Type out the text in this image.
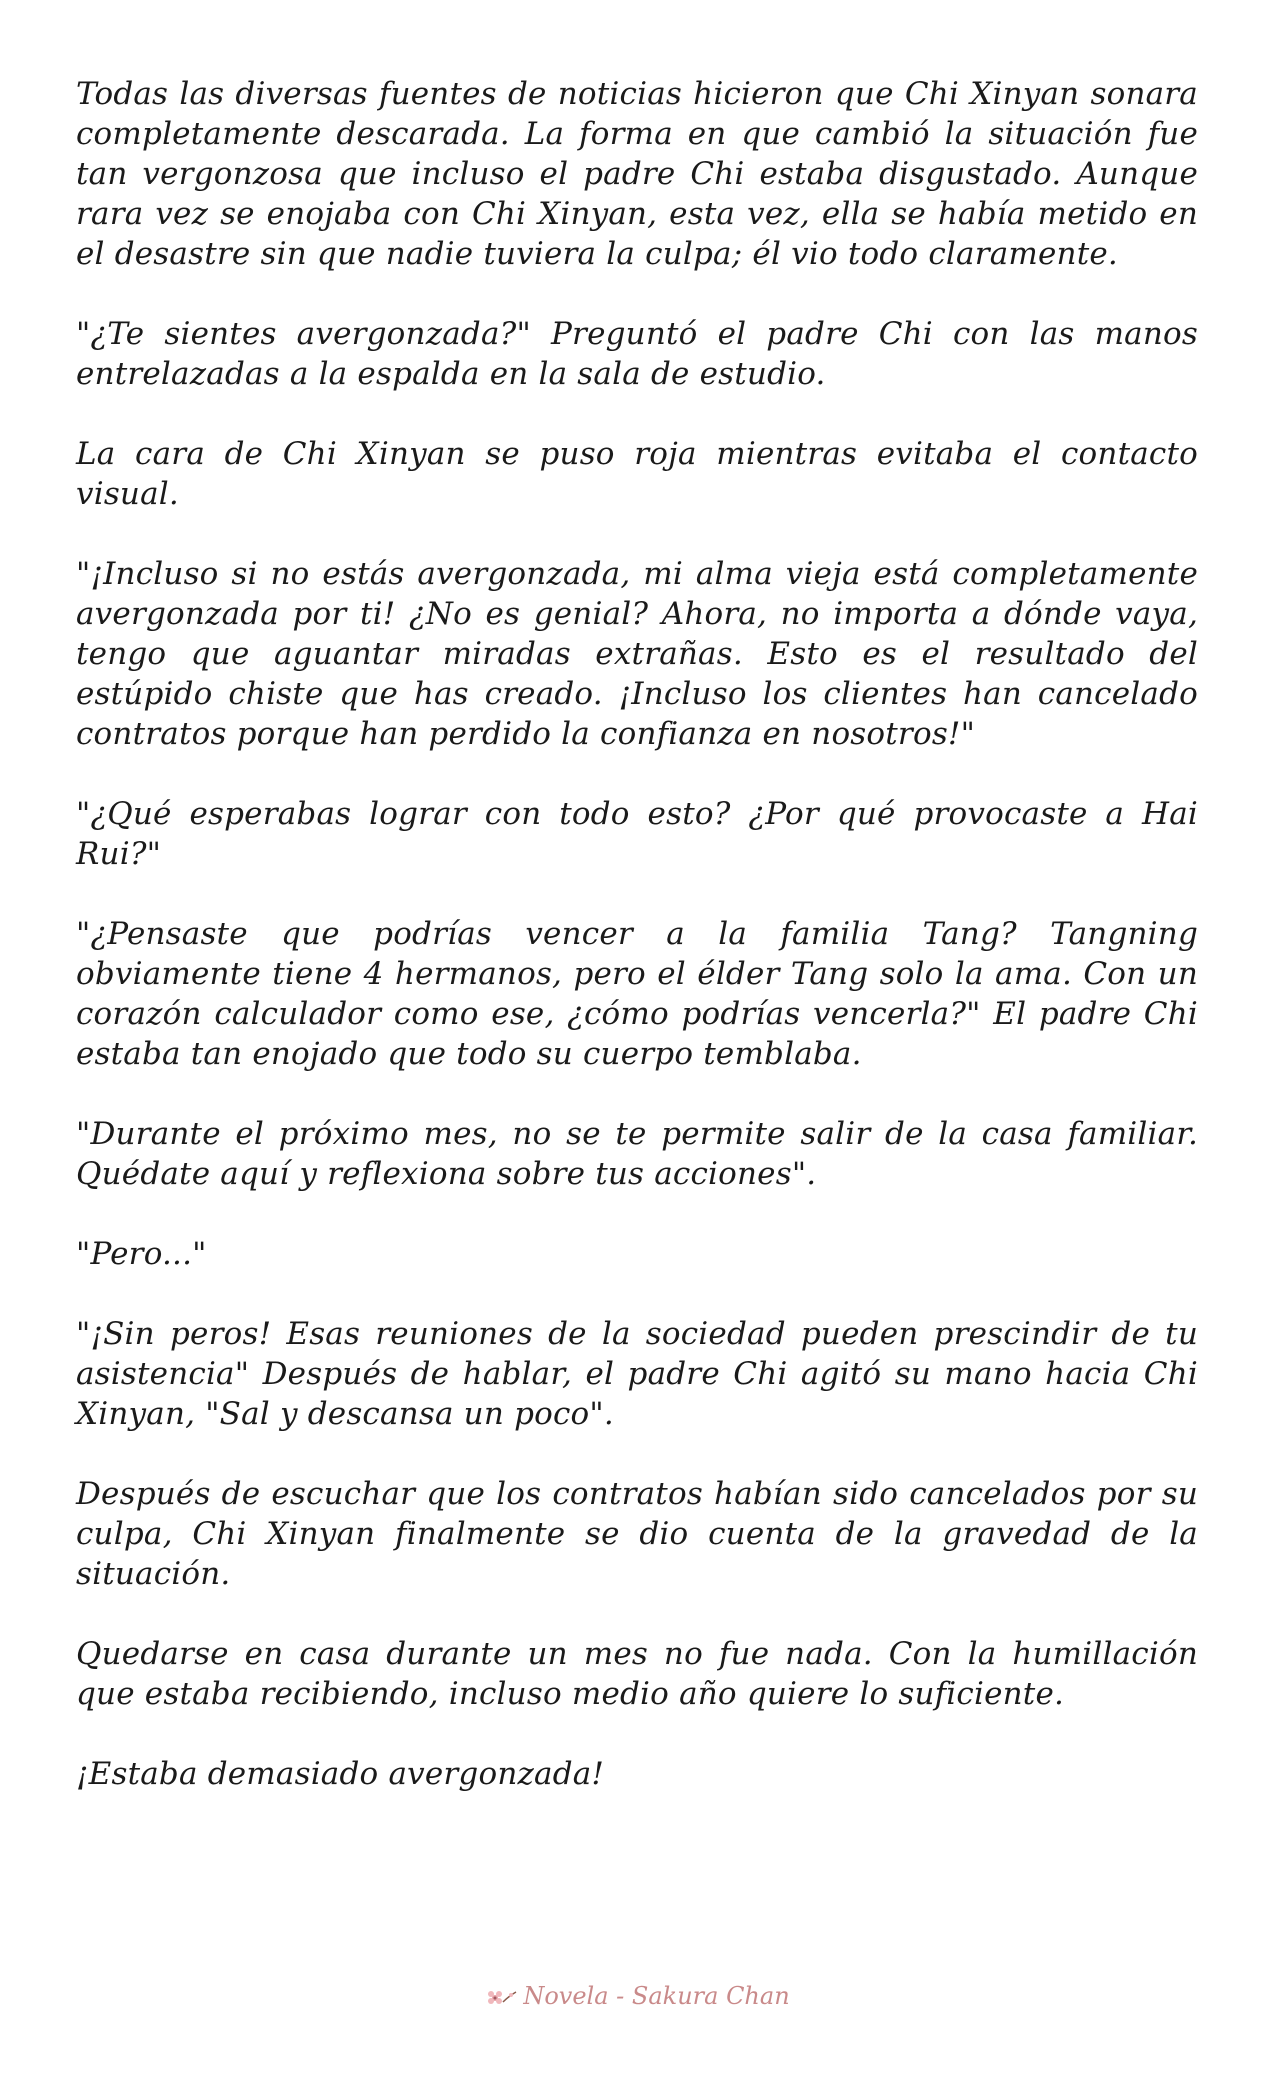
Todas las diversas fuentes de noticias hicieron que Chi Xinyan sonara completamente descarada. La forma en que cambió la situación fue tan vergonzosa que incluso el padre Chi estaba disgustado. Aunque rara vez se enojaba con Chi Xinyan, esta vez, ella se había metido en el desastre sin que nadie tuviera la culpa; él vio todo claramente.

"¿Te sientes avergonzada?" Preguntó el padre Chi con las manos entrelazadas a la espalda en la sala de estudio.

La cara de Chi Xinyan se puso roja mientras evitaba el contacto visual.

"¡Incluso si no estás avergonzada, mi alma vieja está completamente avergonzada por ti! ¿No es genial? Ahora, no importa a dónde vaya, tengo que aguantar miradas extrañas. Esto es el resultado del estúpido chiste que has creado. ¡Incluso los clientes han cancelado contratos porque han perdido la confianza en nosotros!"

"¿Qué esperabas lograr con todo esto? ¿Por qué provocaste a Hai Rui?"

"¿Pensaste que podrías vencer a la familia Tang? Tangning obviamente tiene 4 hermanos, pero el élder Tang solo la ama. Con un corazón calculador como ese, ¿cómo podrías vencerla?" El padre Chi estaba tan enojado que todo su cuerpo temblaba.

"Durante el próximo mes, no se te permite salir de la casa familiar. Quédate aquí y reflexiona sobre tus acciones".

"Pero..."

"¡Sin peros! Esas reuniones de la sociedad pueden prescindir de tu asistencia" Después de hablar, el padre Chi agitó su mano hacia Chi Xinyan, "Sal y descansa un poco".

Después de escuchar que los contratos habían sido cancelados por su culpa, Chi Xinyan finalmente se dio cuenta de la gravedad de la situación.

Quedarse en casa durante un mes no fue nada. Con la humillación que estaba recibiendo, incluso medio año quiere lo suficiente.

¡Estaba demasiado avergonzada!

Novela - Sakura Chan
